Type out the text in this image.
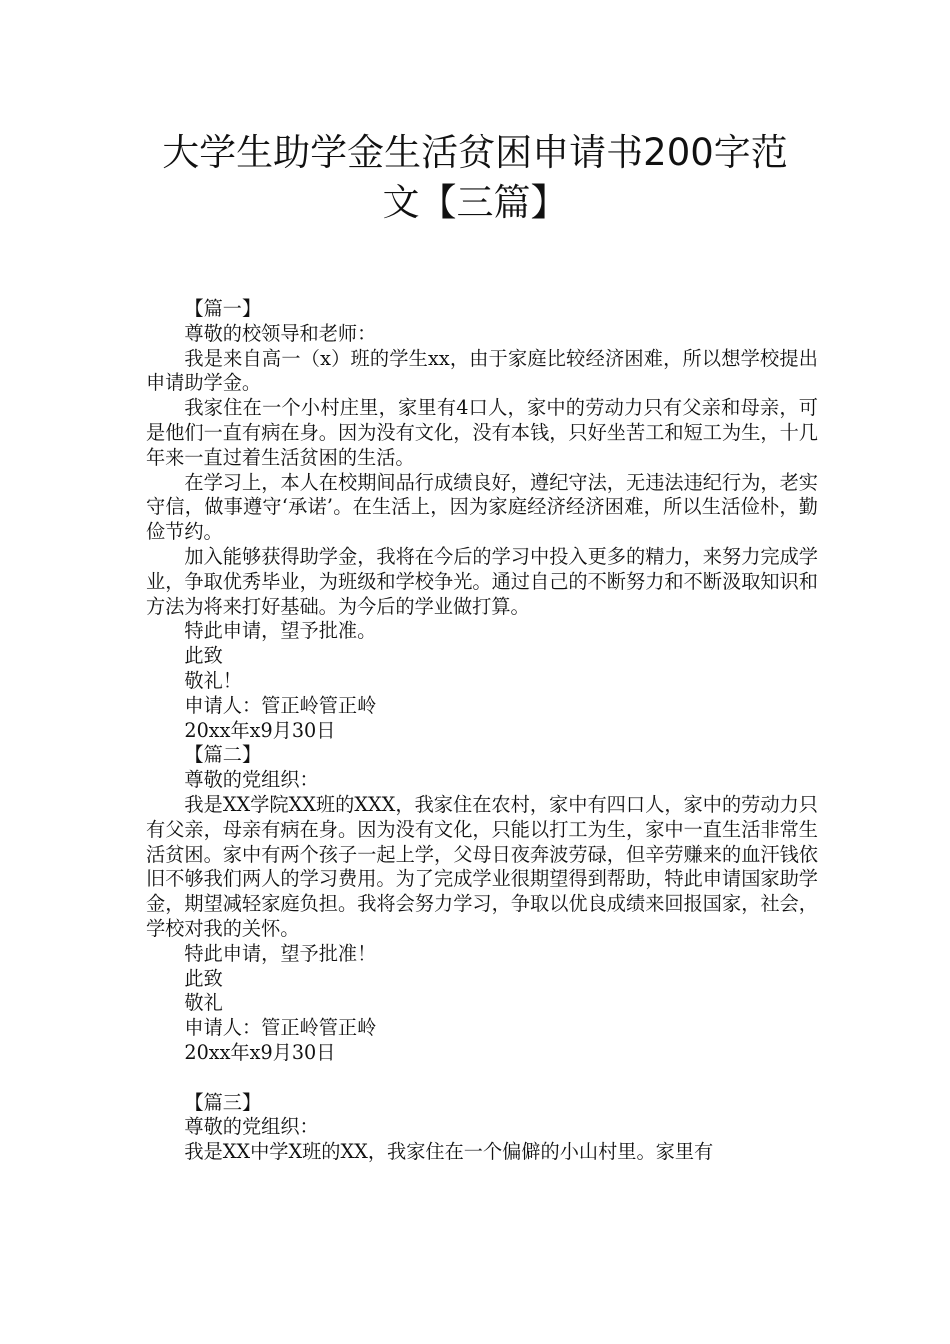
大学生助学金生活贫困申请书200字范
文【三篇】

【篇一】

尊敬的校领导和老师：

我是来自高一（x）班的学生xx，由于家庭比较经济困难，所以想学校提出申请助学金。

我家住在一个小村庄里，家里有4口人，家中的劳动力只有父亲和母亲，可是他们一直有病在身。因为没有文化，没有本钱，只好坐苦工和短工为生，十几年来一直过着生活贫困的生活。

在学习上，本人在校期间品行成绩良好，遵纪守法，无违法违纪行为，老实守信，做事遵守‘承诺’。在生活上，因为家庭经济经济困难，所以生活俭朴，勤俭节约。

加入能够获得助学金，我将在今后的学习中投入更多的精力，来努力完成学业，争取优秀毕业，为班级和学校争光。通过自己的不断努力和不断汲取知识和方法为将来打好基础。为今后的学业做打算。

特此申请，望予批准。

此致

敬礼！

申请人：管正岭管正岭

20xx年x9月30日

【篇二】

尊敬的党组织：

我是XX学院XX班的XXX，我家住在农村，家中有四口人，家中的劳动力只有父亲，母亲有病在身。因为没有文化，只能以打工为生，家中一直生活非常生活贫困。家中有两个孩子一起上学，父母日夜奔波劳碌，但辛劳赚来的血汗钱依旧不够我们两人的学习费用。为了完成学业很期望得到帮助，特此申请国家助学金，期望减轻家庭负担。我将会努力学习，争取以优良成绩来回报国家，社会，学校对我的关怀。

特此申请，望予批准！

此致

敬礼

申请人：管正岭管正岭

20xx年x9月30日

【篇三】

尊敬的党组织：

我是XX中学X班的XX，我家住在一个偏僻的小山村里。家里有
